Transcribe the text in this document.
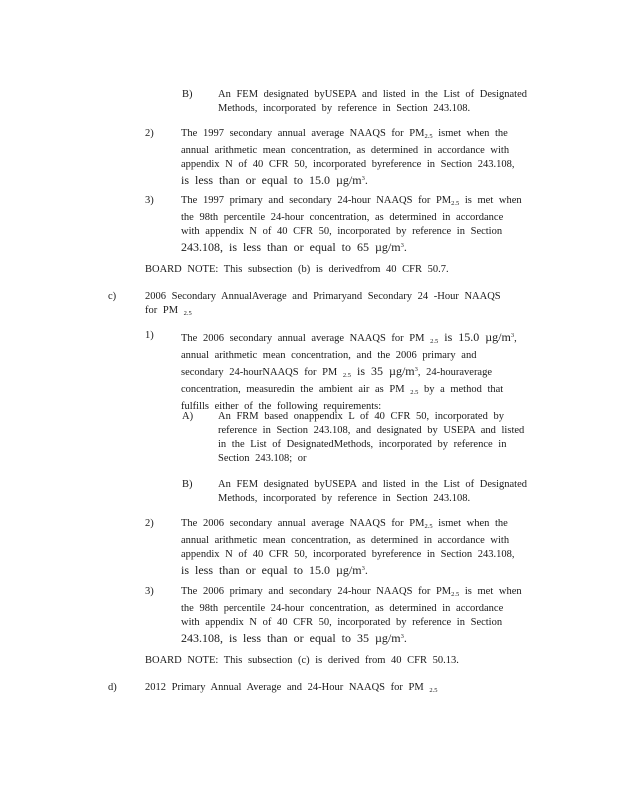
B) An FEM designated byUSEPA and listed in the List of Designated
Methods, incorporated by reference in Section 243.108.
2)	The 1997 secondary annual average NAAQS for $PM_{2.5}$ ismet when the
annual arithmetic mean concentration, as determined in accordance with
appendix N of 40 CFR 50, incorporated byreference in Section 243.108,
is less than or equal to 15.0 $\mu g/m^3$.
3)	The 1997 primary and secondary 24-hour NAAQS for $PM_{2.5}$ is met when
the 98th percentile 24-hour concentration, as determined in accordance
with appendix N of 40 CFR 50, incorporated by reference in Section
243.108, is less than or equal to 65 $\mu g/m^3$.
BOARD NOTE: This subsection (b) is derivedfrom 40 CFR 50.7.
c)	2006 Secondary AnnualAverage and Primaryand Secondary 24 -Hour NAAQS
for PM $_{2.5}$
1)	The 2006 secondary annual average NAAQS for PM $_{2.5}$ is 15.0 $\mu g/m^3$,
annual arithmetic mean concentration, and the 2006 primary and
secondary 24-hourNAAQS for PM $_{2.5}$ is 35 $\mu g/m^3$, 24-houraverage
concentration, measuredin the ambient air as PM $_{2.5}$ by a method that
fulfills either of the following requirements:
A) An FRM based onappendix L of 40 CFR 50, incorporated by
reference in Section 243.108, and designated by USEPA and listed
in the List of DesignatedMethods, incorporated by reference in
Section 243.108; or
B) An FEM designated byUSEPA and listed in the List of Designated
Methods, incorporated by reference in Section 243.108.
2)	The 2006 secondary annual average NAAQS for $PM_{2.5}$ ismet when the
annual arithmetic mean concentration, as determined in accordance with
appendix N of 40 CFR 50, incorporated byreference in Section 243.108,
is less than or equal to 15.0 $\mu g/m^3$.
3)	The 2006 primary and secondary 24-hour NAAQS for $PM_{2.5}$ is met when
the 98th percentile 24-hour concentration, as determined in accordance
with appendix N of 40 CFR 50, incorporated by reference in Section
243.108, is less than or equal to 35 $\mu g/m^3$.
BOARD NOTE: This subsection (c) is derived from 40 CFR 50.13.
d)	2012 Primary Annual Average and 24-Hour NAAQS for PM $_{2.5}$
